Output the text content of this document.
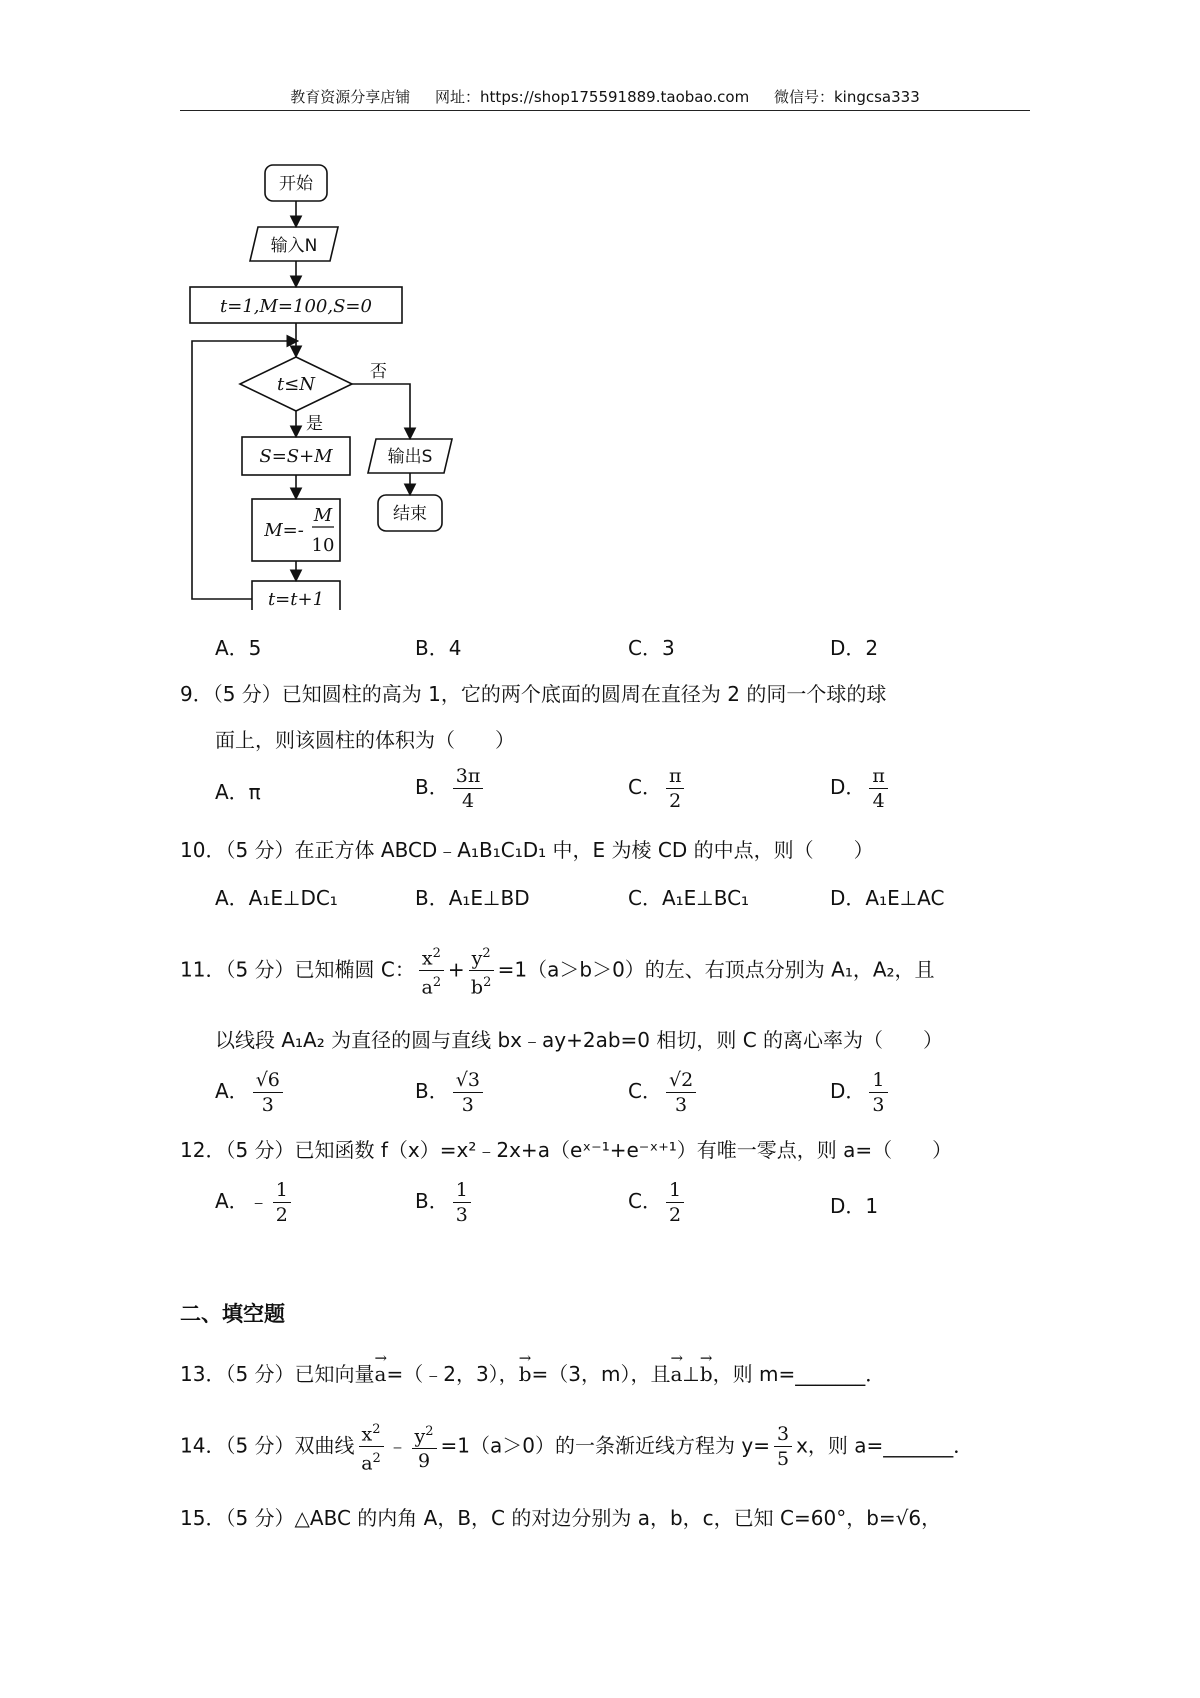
教育资源分享店铺 网址：https://shop175591889.taobao.com 微信号：kingcsa333
开始
输入N
t=1,M=100,S=0
t≤N
否
是
S=S+M
M=-
M
10
t=t+1
输出S
结束
A．5	B．4	C．3	D．2
9．（5 分）已知圆柱的高为 1，它的两个底面的圆周在直径为 2 的同一个球的球
面上，则该圆柱的体积为（　　）
A．π	B． $\frac{3\pi}{4}$	C． $\frac{\pi}{2}$	D． $\frac{\pi}{4}$
10．（5 分）在正方体 ABCD﹣A₁B₁C₁D₁ 中，E 为棱 CD 的中点，则（　　）
A．A₁E⊥DC₁	B．A₁E⊥BD	C．A₁E⊥BC₁	D．A₁E⊥AC
11．（5 分）已知椭圆 C： $\frac{x^2}{a^2} + \frac{y^2}{b^2} =1(a>b>0)$的左、右顶点分别为 A₁，A₂，且
以线段 A₁A₂ 为直径的圆与直线 bx﹣ay+2ab=0 相切，则 C 的离心率为（　　）
A． $\frac{√6}{3}$	B． $\frac{√3}{3}$	C． $\frac{√2}{3}$	D． $\frac{1}{3}$
12．（5 分）已知函数 f（x）=x²﹣2x+a（eˣ⁻¹+e⁻ˣ⁺¹）有唯一零点，则 a=（　　）
A．﹣ $\frac{1}{2}$	B． $\frac{1}{3}$	C． $\frac{1}{2}$	D．1
二、填空题
13．（5 分）已知向量→ a=（﹣2，3），→ b=（3，m），且→ a⊥→ b，则 m=_______．
14．（5 分）双曲线 $\frac{x^2}{a^2}$ ﹣ $\frac{y^2}{9} =1(a>0)$的一条渐近线方程为 $y= \frac{3}{5}$ x，则 a=_______．
15．（5 分）△ABC 的内角 A，B，C 的对边分别为 a，b，c，已知 C=60°，b=√6，
